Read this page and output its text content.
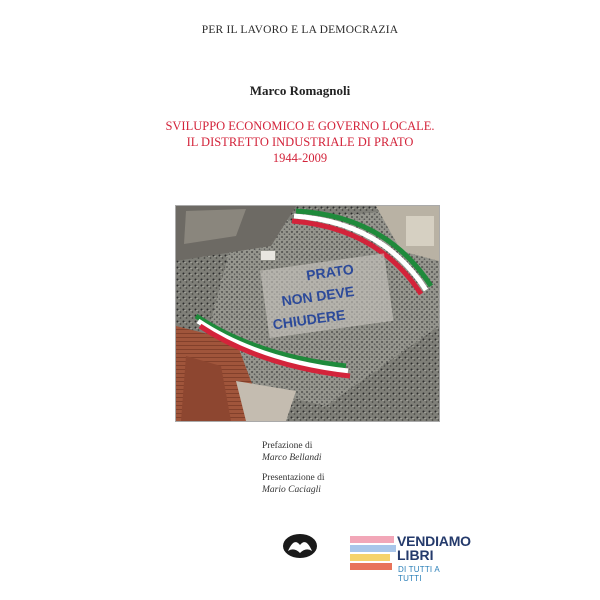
PER IL LAVORO E LA DEMOCRAZIA
Marco Romagnoli
SVILUPPO ECONOMICO E GOVERNO LOCALE.
IL DISTRETTO INDUSTRIALE DI PRATO
1944-2009
PRATO
NON DEVE
CHIUDERE

Prefazione di
Marco Bellandi

Presentazione di
Mario Caciagli

VENDIAMO
LIBRI
DI TUTTI A TUTTI
